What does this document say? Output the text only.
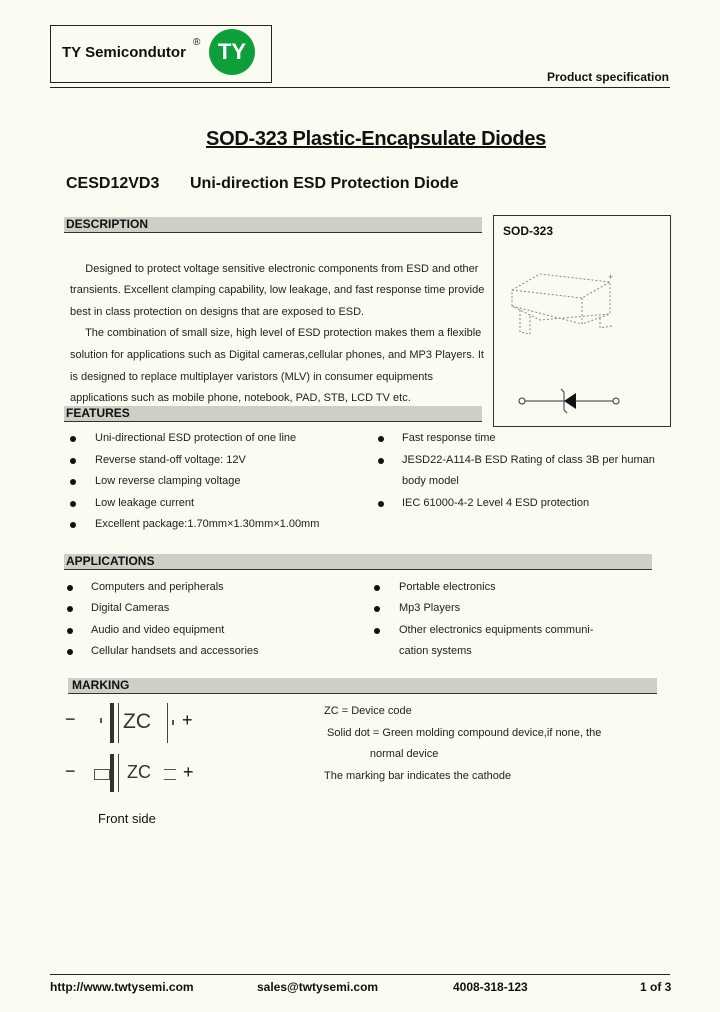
TY Semicondutor
® TY
Product specification
SOD-323 Plastic-Encapsulate Diodes
CESD12VD3 Uni-direction ESD Protection Diode
DESCRIPTION

Designed to protect voltage sensitive electronic components from ESD and other
transients. Excellent clamping capability, low leakage, and fast response time provide
best in class protection on designs that are exposed to ESD.
The combination of small size, high level of ESD protection makes them a flexible
solution for applications such as Digital cameras,cellular phones, and MP3 Players. It
is designed to replace multiplayer varistors (MLV) in consumer equipments
applications such as mobile phone, notebook, PAD, STB, LCD TV etc.

SOD-323
+
FEATURES
Uni-directional ESD protection of one line
Reverse stand-off voltage: 12V
Low reverse clamping voltage
Low leakage current
Excellent package:1.70mm×1.30mm×1.00mm
Fast response time
JESD22-A114-B ESD Rating of class 3B per human
body model
IEC 61000-4-2 Level 4 ESD protection
APPLICATIONS
Computers and peripherals
Digital Cameras
Audio and video equipment
Cellular handsets and accessories
Portable electronics
Mp3 Players
Other electronics equipments communi-
cation systems
MARKING
− ZC +
−	ZC +
Front side
ZC = Device code
Solid dot = Green molding compound device,if none, the
normal device
The marking bar indicates the cathode
http://www.twtysemi.com	sales@twtysemi.com	4008-318-123	1 of 3
